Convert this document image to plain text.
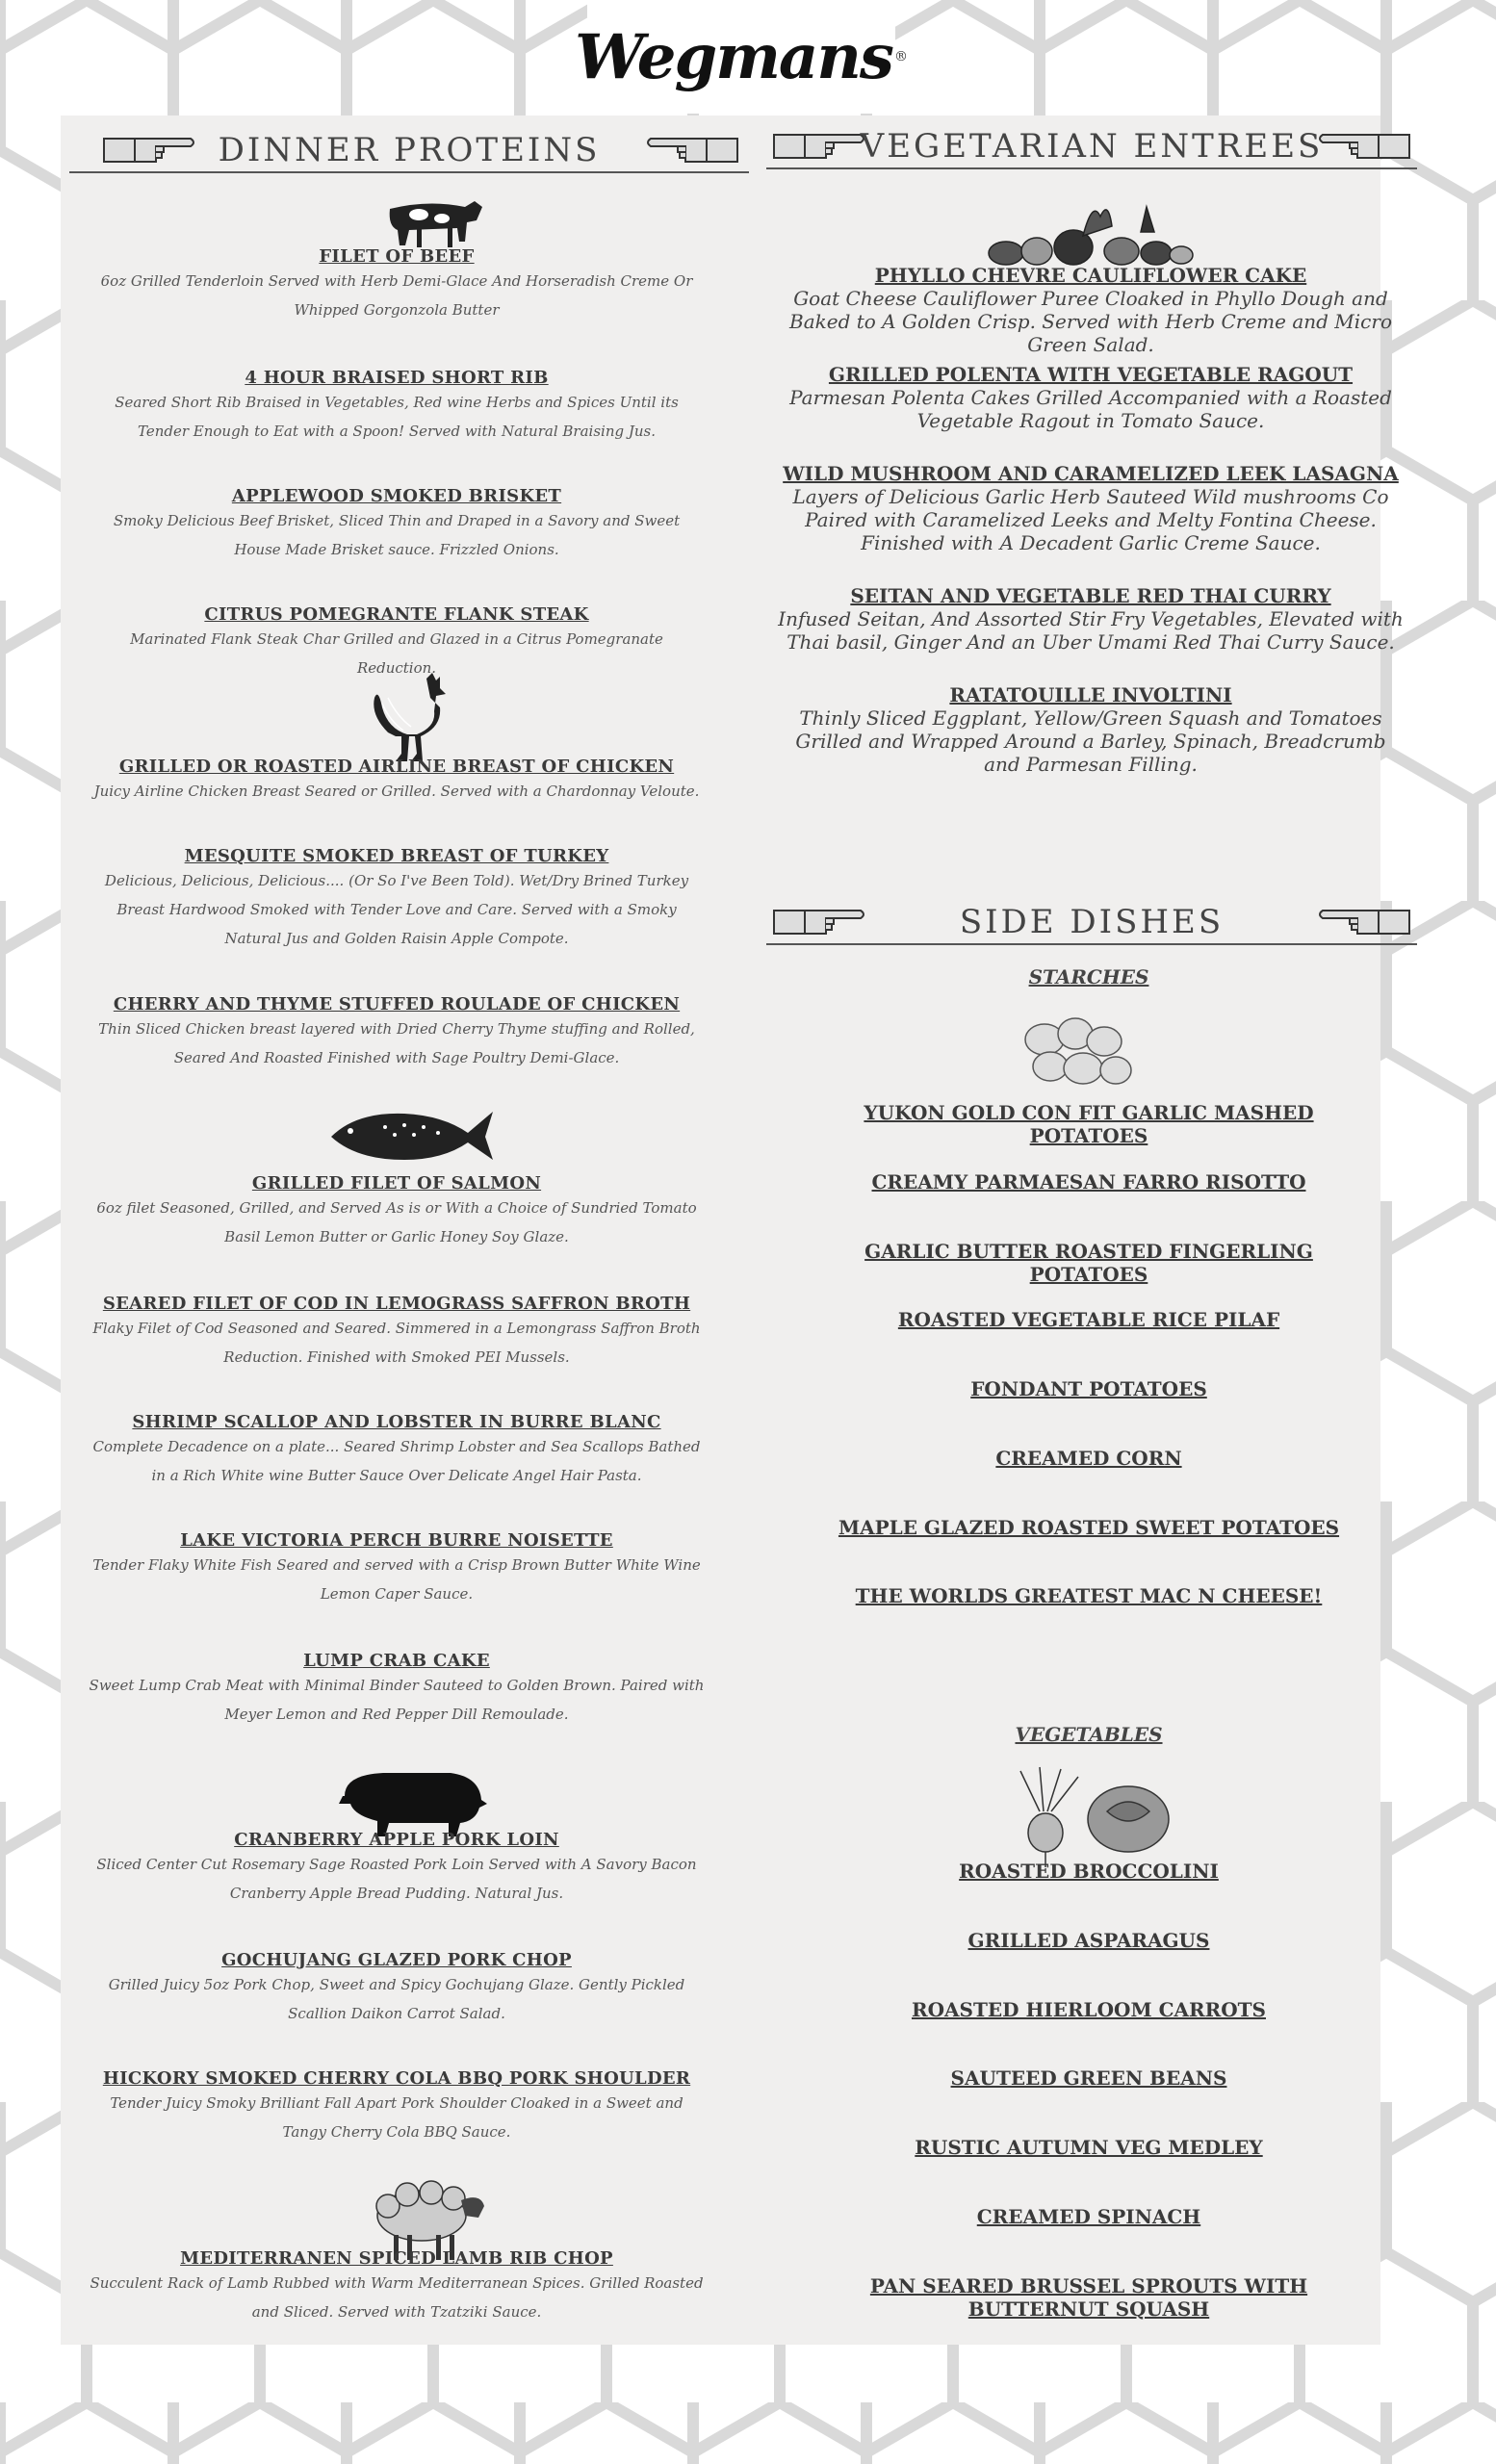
Wegmans ®
DINNER PROTEINS	VEGETARIAN ENTREES
SIDE DISHES
FILET OF BEEF
6oz Grilled Tenderloin Served with Herb Demi-Glace And Horseradish Creme Or Whipped Gorgonzola Butter
4 HOUR BRAISED SHORT RIB
Seared Short Rib Braised in Vegetables, Red wine Herbs and Spices Until its Tender Enough to Eat with a Spoon! Served with Natural Braising Jus.
APPLEWOOD SMOKED BRISKET
Smoky Delicious Beef Brisket, Sliced Thin and Draped in a Savory and Sweet House Made Brisket sauce. Frizzled Onions.
CITRUS POMEGRANTE FLANK STEAK
Marinated Flank Steak Char Grilled and Glazed in a Citrus Pomegranate Reduction.
GRILLED OR ROASTED AIRLINE BREAST OF CHICKEN
Juicy Airline Chicken Breast Seared or Grilled. Served with a Chardonnay Veloute.
MESQUITE SMOKED BREAST OF TURKEY
Delicious, Delicious, Delicious.... (Or So I've Been Told). Wet/Dry Brined Turkey Breast Hardwood Smoked with Tender Love and Care. Served with a Smoky Natural Jus and Golden Raisin Apple Compote.
CHERRY AND THYME STUFFED ROULADE OF CHICKEN
Thin Sliced Chicken breast layered with Dried Cherry Thyme stuffing and Rolled, Seared And Roasted Finished with Sage Poultry Demi-Glace.
GRILLED FILET OF SALMON
6oz filet Seasoned, Grilled, and Served As is or With a Choice of Sundried Tomato Basil Lemon Butter or Garlic Honey Soy Glaze.
SEARED FILET OF COD IN LEMOGRASS SAFFRON BROTH
Flaky Filet of Cod Seasoned and Seared. Simmered in a Lemongrass Saffron Broth Reduction. Finished with Smoked PEI Mussels.
SHRIMP SCALLOP AND LOBSTER IN BURRE BLANC
Complete Decadence on a plate... Seared Shrimp Lobster and Sea Scallops Bathed in a Rich White wine Butter Sauce Over Delicate Angel Hair Pasta.
LAKE VICTORIA PERCH BURRE NOISETTE
Tender Flaky White Fish Seared and served with a Crisp Brown Butter White Wine Lemon Caper Sauce.
LUMP CRAB CAKE
Sweet Lump Crab Meat with Minimal Binder Sauteed to Golden Brown. Paired with Meyer Lemon and Red Pepper Dill Remoulade.
CRANBERRY APPLE PORK LOIN
Sliced Center Cut Rosemary Sage Roasted Pork Loin Served with A Savory Bacon Cranberry Apple Bread Pudding. Natural Jus.
GOCHUJANG GLAZED PORK CHOP
Grilled Juicy 5oz Pork Chop, Sweet and Spicy Gochujang Glaze. Gently Pickled Scallion Daikon Carrot Salad.
HICKORY SMOKED CHERRY COLA BBQ PORK SHOULDER
Tender Juicy Smoky Brilliant Fall Apart Pork Shoulder Cloaked in a Sweet and Tangy Cherry Cola BBQ Sauce.
MEDITERRANEN SPICED LAMB RIB CHOP
Succulent Rack of Lamb Rubbed with Warm Mediterranean Spices. Grilled Roasted and Sliced. Served with Tzatziki Sauce.
PHYLLO CHEVRE CAULIFLOWER CAKE
Goat Cheese Cauliflower Puree Cloaked in Phyllo Dough and Baked to A Golden Crisp. Served with Herb Creme and Micro Green Salad.
GRILLED POLENTA WITH VEGETABLE RAGOUT
Parmesan Polenta Cakes Grilled Accompanied with a Roasted Vegetable Ragout in Tomato Sauce.
WILD MUSHROOM AND CARAMELIZED LEEK LASAGNA
Layers of Delicious Garlic Herb Sauteed Wild mushrooms Co Paired with Caramelized Leeks and Melty Fontina Cheese. Finished with A Decadent Garlic Creme Sauce.
SEITAN AND VEGETABLE RED THAI CURRY
Infused Seitan, And Assorted Stir Fry Vegetables, Elevated with Thai basil, Ginger And an Uber Umami Red Thai Curry Sauce.
RATATOUILLE INVOLTINI
Thinly Sliced Eggplant, Yellow/Green Squash and Tomatoes Grilled and Wrapped Around a Barley, Spinach, Breadcrumb and Parmesan Filling.
STARCHES
YUKON GOLD CON FIT GARLIC MASHED POTATOES
CREAMY PARMAESAN FARRO RISOTTO
GARLIC BUTTER ROASTED FINGERLING POTATOES
ROASTED VEGETABLE RICE PILAF
FONDANT POTATOES
CREAMED CORN
MAPLE GLAZED ROASTED SWEET POTATOES
THE WORLDS GREATEST MAC N CHEESE!
VEGETABLES
ROASTED BROCCOLINI
GRILLED ASPARAGUS
ROASTED HIERLOOM CARROTS
SAUTEED GREEN BEANS
RUSTIC AUTUMN VEG MEDLEY
CREAMED SPINACH
PAN SEARED BRUSSEL SPROUTS WITH BUTTERNUT SQUASH
